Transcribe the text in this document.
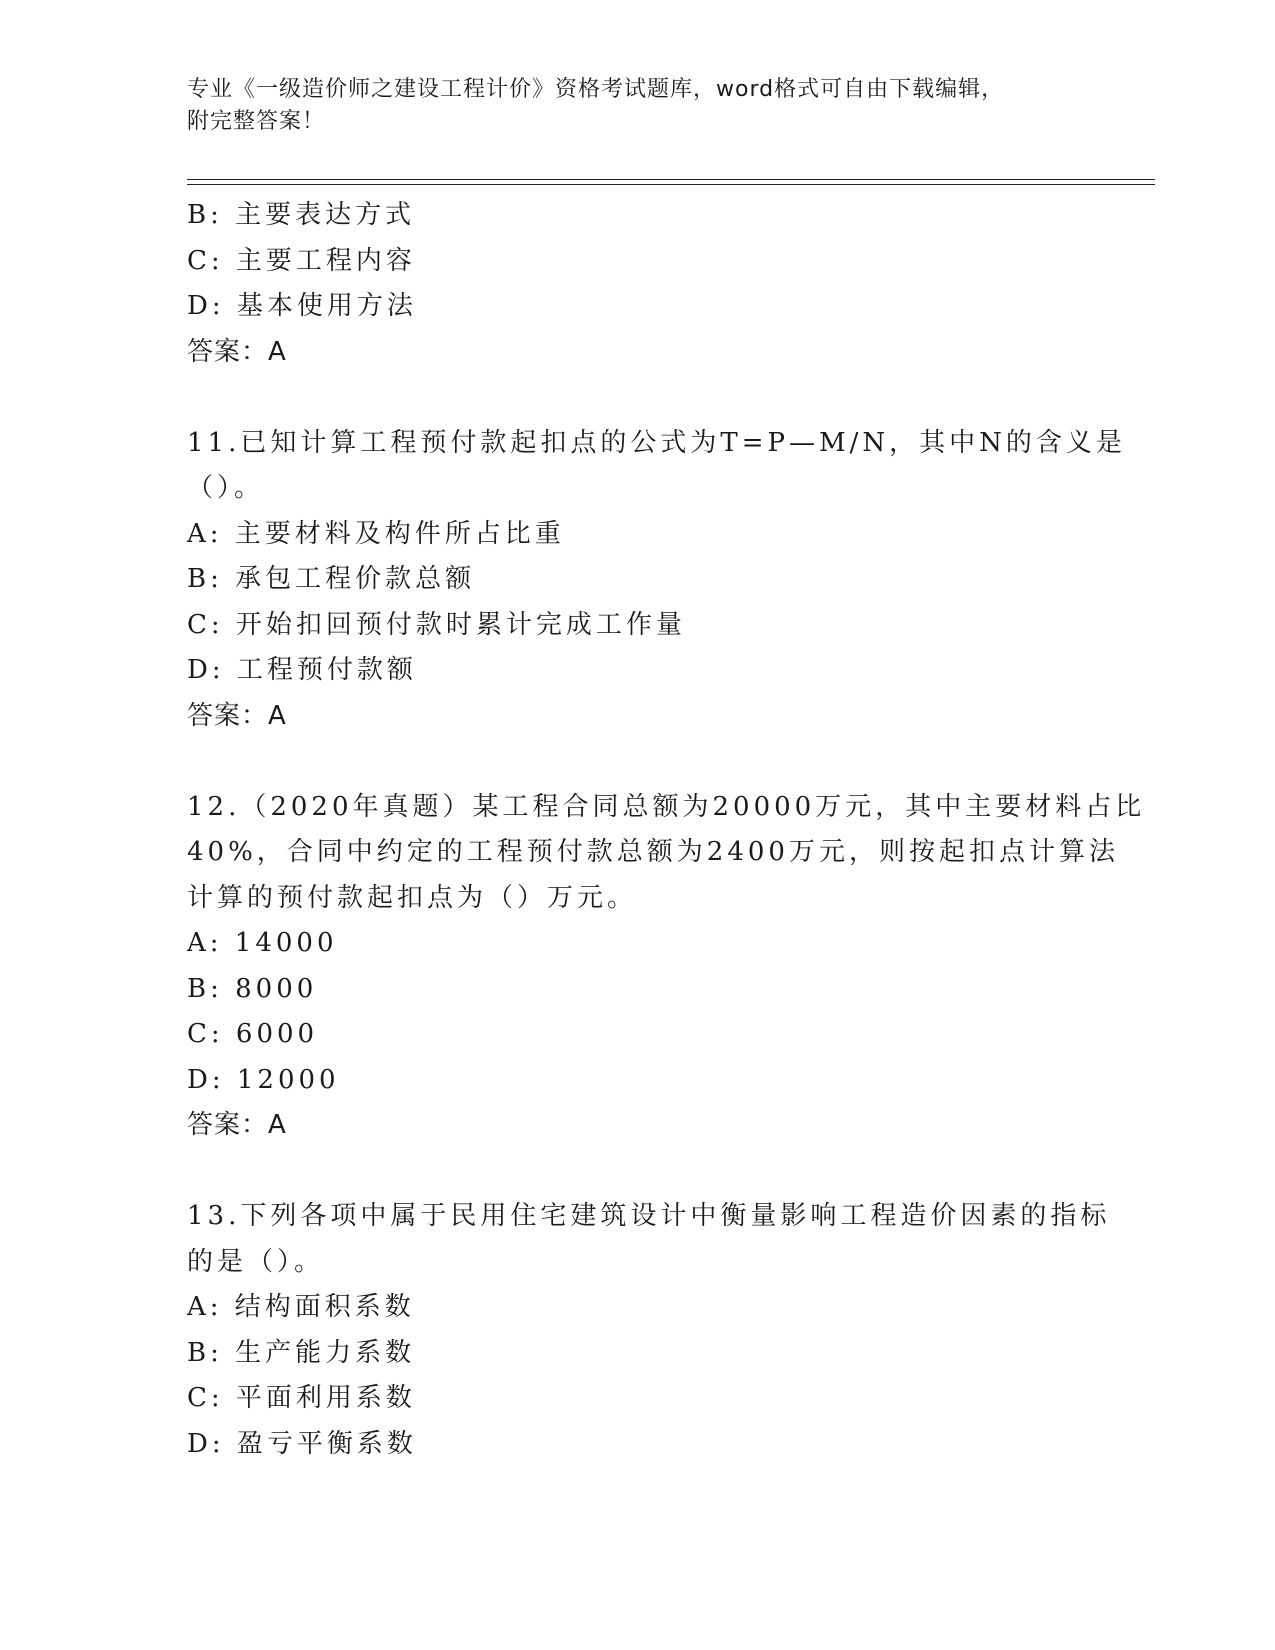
专业《一级造价师之建设工程计价》资格考试题库，word格式可自由下载编辑，
附完整答案！
B: 主要表达方式
C: 主要工程内容
D: 基本使用方法
答案：A
11.已知计算工程预付款起扣点的公式为T=P—M/N，其中N的含义是
（）。
A: 主要材料及构件所占比重
B: 承包工程价款总额
C: 开始扣回预付款时累计完成工作量
D: 工程预付款额
答案：A
12.（2020年真题）某工程合同总额为20000万元，其中主要材料占比
40%，合同中约定的工程预付款总额为2400万元，则按起扣点计算法
计算的预付款起扣点为（）万元。
A: 14000
B: 8000
C: 6000
D: 12000
答案：A
13.下列各项中属于民用住宅建筑设计中衡量影响工程造价因素的指标
的是（）。
A: 结构面积系数
B: 生产能力系数
C: 平面利用系数
D: 盈亏平衡系数
